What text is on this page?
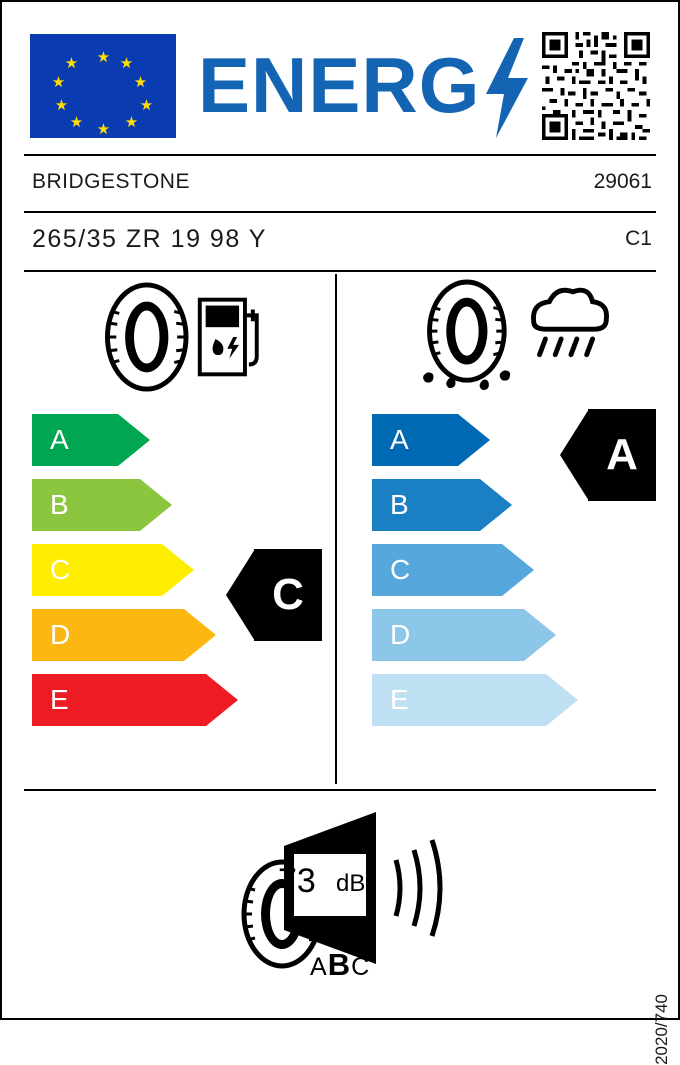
★ ★
★
★
★
★
★
★
★
★ ENERG
BRIDGESTONE	29061
265/35 ZR 19 98 Y	C1
A
B
C
D
E
C
A
B
C
D
E
A
73 dB
ABC
2020/740
